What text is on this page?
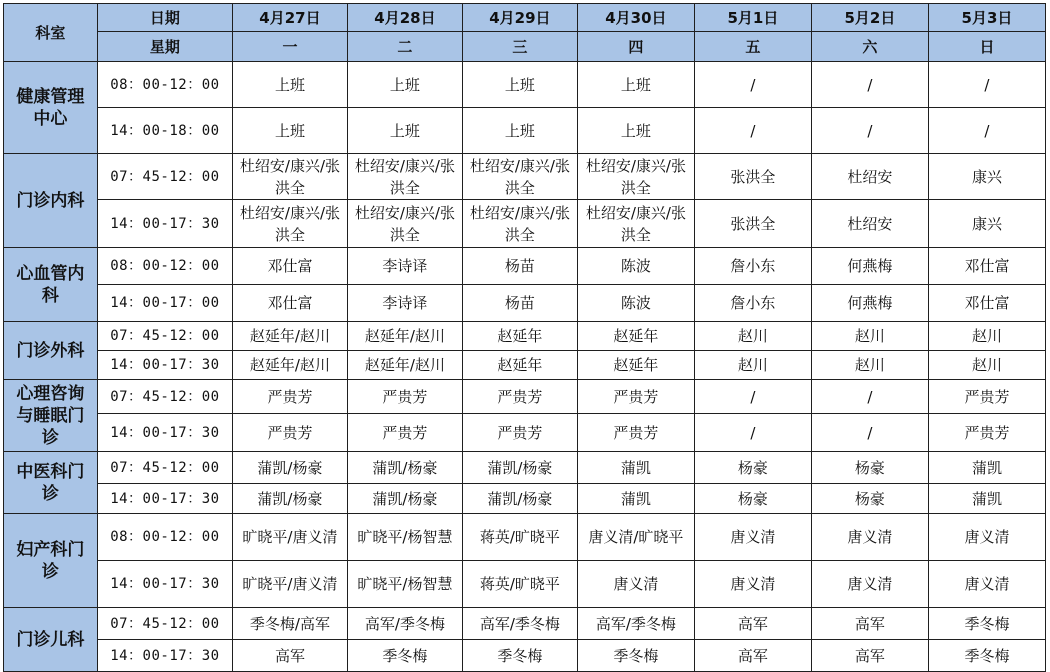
科室	日期	4月27日	4月28日	4月29日	4月30日	5月1日	5月2日	5月3日
	星期	一	二	三	四	五	六	日
健康管理中心	08：00-12：00	上班	上班	上班	上班	/	/	/
	14：00-18：00	上班	上班	上班	上班	/	/	/
门诊内科	07：45-12：00	杜绍安/康兴/张洪全	杜绍安/康兴/张洪全	杜绍安/康兴/张洪全	杜绍安/康兴/张洪全	张洪全	杜绍安	康兴
	14：00-17：30	杜绍安/康兴/张洪全	杜绍安/康兴/张洪全	杜绍安/康兴/张洪全	杜绍安/康兴/张洪全	张洪全	杜绍安	康兴
心血管内科	08：00-12：00	邓仕富	李诗译	杨苗	陈波	詹小东	何燕梅	邓仕富
	14：00-17：00	邓仕富	李诗译	杨苗	陈波	詹小东	何燕梅	邓仕富
门诊外科	07：45-12：00	赵延年/赵川	赵延年/赵川	赵延年	赵延年	赵川	赵川	赵川
	14：00-17：30	赵延年/赵川	赵延年/赵川	赵延年	赵延年	赵川	赵川	赵川
心理咨询与睡眠门诊	07：45-12：00	严贵芳	严贵芳	严贵芳	严贵芳	/	/	严贵芳
	14：00-17：30	严贵芳	严贵芳	严贵芳	严贵芳	/	/	严贵芳
中医科门诊	07：45-12：00	蒲凯/杨豪	蒲凯/杨豪	蒲凯/杨豪	蒲凯	杨豪	杨豪	蒲凯
	14：00-17：30	蒲凯/杨豪	蒲凯/杨豪	蒲凯/杨豪	蒲凯	杨豪	杨豪	蒲凯
妇产科门诊	08：00-12：00	旷晓平/唐义清	旷晓平/杨智慧	蒋英/旷晓平	唐义清/旷晓平	唐义清	唐义清	唐义清
	14：00-17：30	旷晓平/唐义清	旷晓平/杨智慧	蒋英/旷晓平	唐义清	唐义清	唐义清	唐义清
门诊儿科	07：45-12：00	季冬梅/高军	高军/季冬梅	高军/季冬梅	高军/季冬梅	高军	高军	季冬梅
	14：00-17：30	高军	季冬梅	季冬梅	季冬梅	高军	高军	季冬梅
